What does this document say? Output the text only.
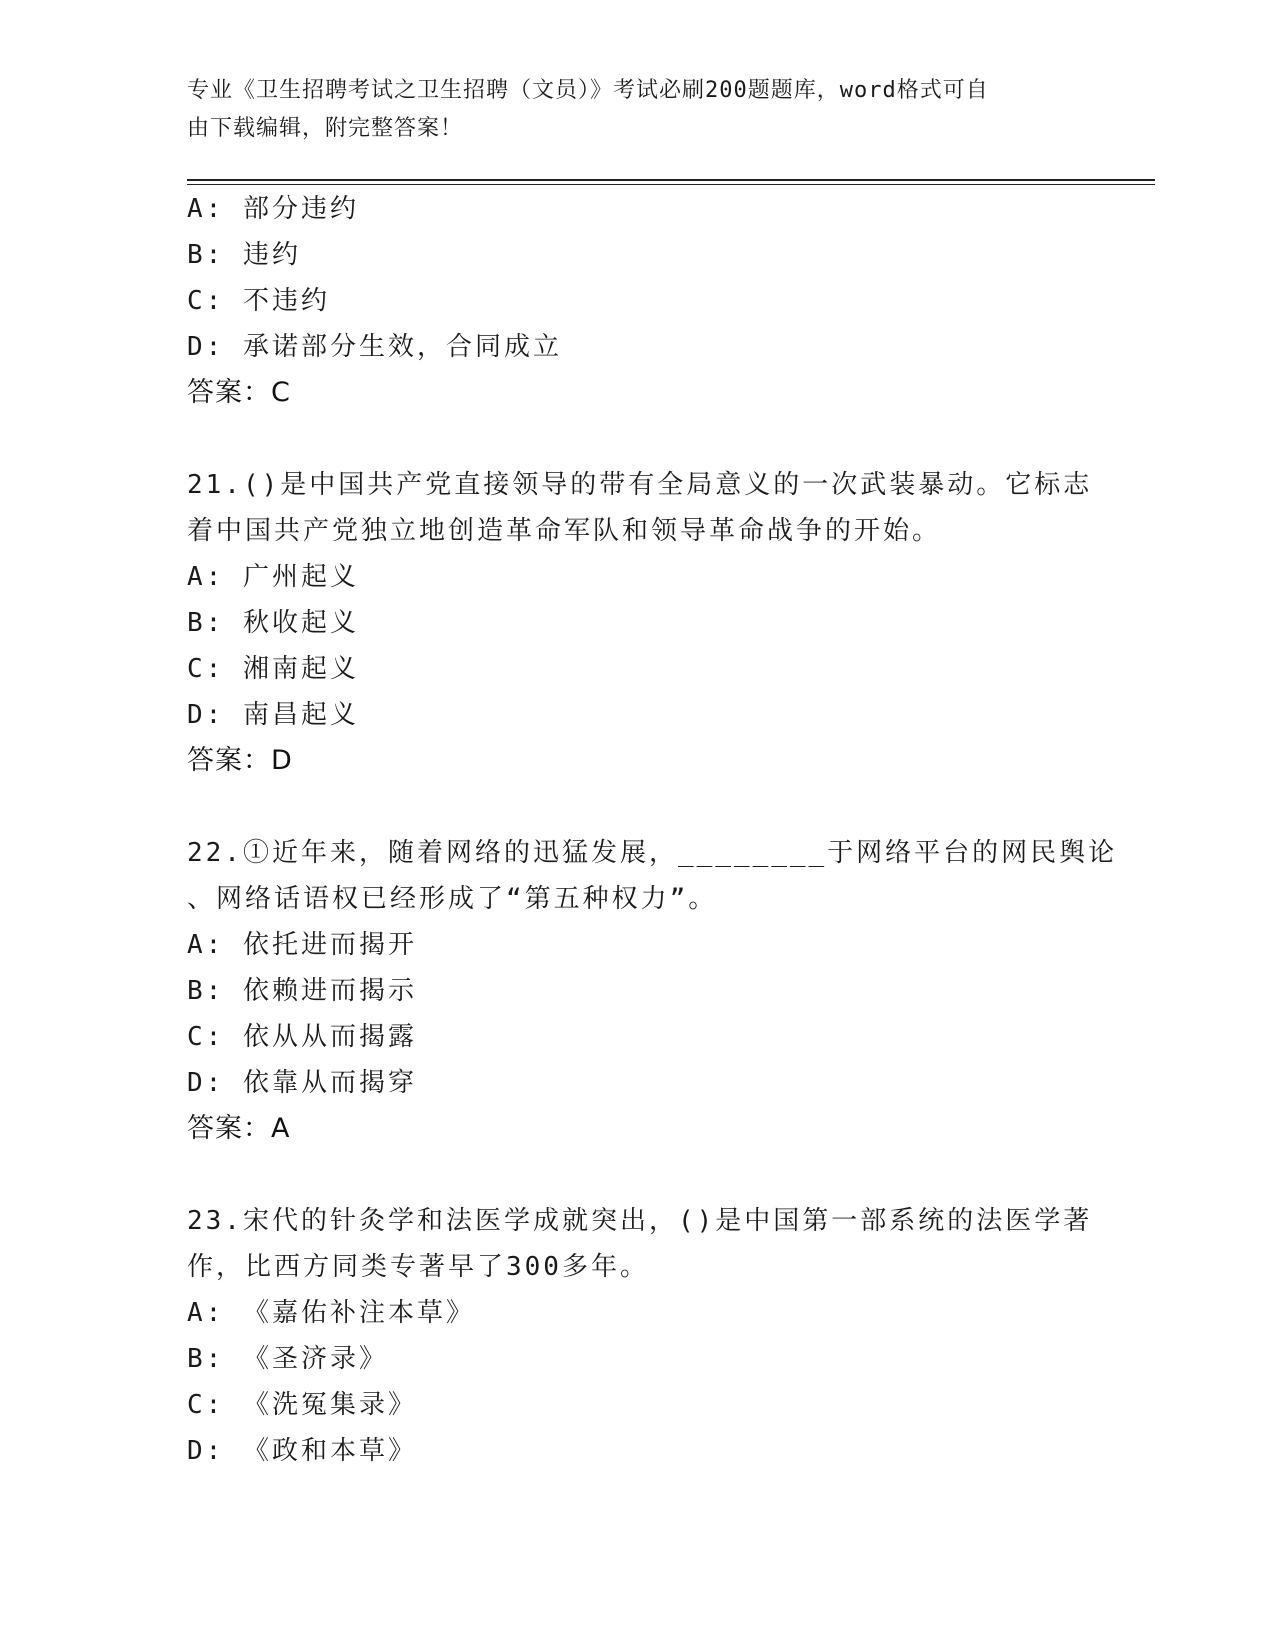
专业《卫生招聘考试之卫生招聘（文员）》考试必刷200题题库，word格式可自
由下载编辑，附完整答案！
A: 部分违约
B: 违约
C: 不违约
D: 承诺部分生效，合同成立
答案：C
21.()是中国共产党直接领导的带有全局意义的一次武装暴动。它标志
着中国共产党独立地创造革命军队和领导革命战争的开始。
A: 广州起义
B: 秋收起义
C: 湘南起义
D: 南昌起义
答案：D
22.①近年来，随着网络的迅猛发展，________于网络平台的网民舆论
、网络话语权已经形成了“第五种权力”。
A: 依托进而揭开
B: 依赖进而揭示
C: 依从从而揭露
D: 依靠从而揭穿
答案：A
23.宋代的针灸学和法医学成就突出，()是中国第一部系统的法医学著
作，比西方同类专著早了300多年。
A: 《嘉佑补注本草》
B: 《圣济录》
C: 《洗冤集录》
D: 《政和本草》
